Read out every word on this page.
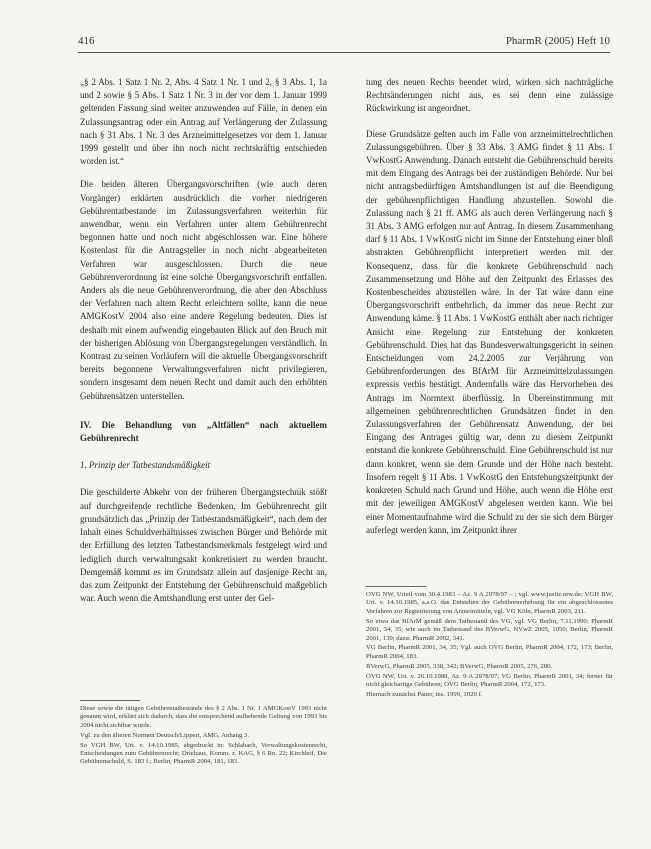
416	PharmR (2005) Heft 10

„§ 2 Abs. 1 Satz 1 Nr. 2, Abs. 4 Satz 1 Nr. 1 und 2, § 3 Abs. 1, 1a und 2 sowie § 5 Abs. 1 Satz 1 Nr. 3 in der vor dem 1. Januar 1999 geltenden Fassung sind weiter anzuwenden auf Fälle, in denen ein Zulassungsantrag oder ein Antrag auf Verlängerung der Zulassung nach § 31 Abs. 1 Nr. 3 des Arzneimittelgesetzes vor dem 1. Januar 1999 gestellt und über ihn noch nicht rechtskräftig entschieden worden ist.“

Die beiden älteren Übergangsvorschriften (wie auch deren Vorgänger) erklärten ausdrücklich die vorher niedrigeren Gebührentatbestande im Zulassungsverfahren weiterhin für anwendbar, wenn ein Verfahren unter altem Gebührenrecht begonnen hatte und noch nicht abgeschlossen war. Eine höhere Kostenlast für die Antragsteller in noch nicht abgearbeiteten Verfahren war ausgeschlossen. Durch die neue Gebührenverordnung ist eine solche Übergangsvorschrift entfallen. Anders als die neue Gebührenverordnung, die aber den Abschluss der Verfahren nach altem Recht erleichtern sollte, kann die neue AMGKostV 2004 also eine andere Regelung bedeuten. Dies ist deshalb mit einem aufwendig eingebauten Blick auf den Bruch mit der bisherigen Ablösung von Übergangsregelungen verständlich. In Kontrast zu seinen Vorläufern will die aktuelle Übergangsvorschrift bereits begonnene Verwaltungsverfahren nicht privilegieren, sondern insgesamt dem neuen Recht und damit auch den erhöhten Gebührensätzen unterstellen.

IV. Die Behandlung von „Altfällen“ nach aktuellem Gebührenrecht
1. Prinzip der Tatbestandsmäßigkeit

Die geschilderte Abkehr von der früheren Übergangstechnik stößt auf durchgreifende rechtliche Bedenken. Im Gebührenrecht gilt grundsätzlich das „Prinzip der Tatbestandsmäßigkeit“, nach dem der Inhalt eines Schuldverhältnisses zwischen Bürger und Behörde mit der Erfüllung des letzten Tatbestandsmerkmals festgelegt wird und lediglich durch verwaltungsakt konkretisiert zu werden braucht. Demgemäß kommt es im Grundsatz allein auf dasjenige Recht an, das zum Zeitpunkt der Entstehung der Gebührenschuld maßgeblich war. Auch wenn die Amtshandlung erst unter der Gel-

tung des neuen Rechts beendet wird, wirken sich nachträgliche Rechtsänderungen nicht aus, es sei denn eine zulässige Rückwirkung ist angeordnet.

Diese Grundsätze gelten auch im Falle von arzneimittelrechtlichen Zulassungsgebühren. Über § 33 Abs. 3 AMG findet § 11 Abs. 1 VwKostG Anwendung. Danach entsteht die Gebührenschuld bereits mit dem Eingang des Antrags bei der zuständigen Behörde. Nur bei nicht antragsbedürftigen Amtshandlungen ist auf die Beendigung der gebührenpflichtigen Handlung abzustellen. Sowohl die Zulassung nach § 21 ff. AMG als auch deren Verlängerung nach § 31 Abs. 3 AMG erfolgen nur auf Antrag. In diesem Zusammenhang darf § 11 Abs. 1 VwKostG nicht im Sinne der Entstehung einer bloß abstrakten Gebührenpflicht interpretiert werden mit der Konsequenz, dass für die konkrete Gebührenschuld nach Zusammensetzung und Höhe auf den Zeitpunkt des Erlasses des Kostenbescheides abzustellen wäre. In der Tat wäre dann eine Übergangsvorschrift entbehrlich, da immer das neue Recht zur Anwendung käme. § 11 Abs. 1 VwKostG enthält aber nach richtiger Ansicht eine Regelung zur Entstehung der konkreten Gebührenschuld. Dies hat das Bundesverwaltungsgericht in seinen Entscheidungen vom 24.2.2005 zur Verjährung von Gebührenforderungen des BfArM für Arzneimittelzulassungen expressis verbis bestätigt. Andernfalls wäre das Hervorheben des Antrags im Normtext überflüssig. In Übereinstimmung mit allgemeinen gebührenrechtlichen Grundsätzen findet in den Zulassungsverfahren der Gebührensatz Anwendung, der bei Eingang des Antrages gültig war, denn zu diesem Zeitpunkt entstand die konkrete Gebührenschuld. Eine Gebührenschuld ist nur dann konkret, wenn sie dem Grunde und der Höhe nach besteht. Insofern regelt § 11 Abs. 1 VwKostG den Entstehungszeitpunkt der konkreten Schuld nach Grund und Höhe, auch wenn die Höhe erst mit der jeweiligen AMGKostV abgelesen werden kann. Wie bei einer Momentaufnahme wird die Schuld zu der sie sich dem Bürger auferlegt werden kann, im Zeitpunkt ihrer

Diese sowie die tätigen Gebührentatbestände des § 2 Abs. 1 Nr. 1 AMGKostV 1993 nicht genannt wird, erklärt sich dadurch, dass die entsprechend aufhebende Geltung von 1993 bis 2004 nicht sichtbar wurde.

Vgl. zu den älteren Normen Deutsch/Lippert, AMG, Anhang 3.

So VGH BW, Urt. v. 14.10.1985, abgedruckt in: Schlabach, Verwaltungskostenrecht, Entscheidungen zum Gebührenrecht; Driehaus, Komm. z. KAG, § 6 Rn. 22; Kirchhof, Die Gebührenschuld, S. 183 f.; Berlin, PharmR 2004, 181, 183.

OVG NW, Urteil vom 30.4.1983 – Az. 9 A 2978/97 – ; vgl. www.justiz.nrw.de; VGH BW, Urt. v. 14.10.1985, a.a.O. das Entstehen der Gebührenerhebung für ein abgeschlossenes Verfahren zur Registrierung von Arzneimitteln, vgl. VG Köln, PharmR 2003, 211.

So etwa das BfArM gemäß dem Tatbestand des VG, vgl. VG Berlin, 7.11.1990; PharmR 2001, 34, 35; wie auch im Tatbestand des BVerwG, NVwZ 2005, 1050; Berlin, PharmR 2001, 130; dazu: PharmR 2002, 341.

VG Berlin, PharmR 2001, 34, 35; Vgl. auch OVG Berlin, PharmR 2004, 172, 173; Berlin, PharmR 2004, 183.

BVerwG, PharmR 2005, 338, 342; BVerwG, PharmR 2005, 276, 280.

OVG NW, Urt. v. 26.10.1988, Az. 9 A 2978/97; VG Berlin, PharmR 2001, 34; ferner für nicht gleichartige Gebühren; OVG Berlin, PharmR 2004, 172, 173.

Hiernach zunächst Pauer, ins. 1999, 1020 f.
